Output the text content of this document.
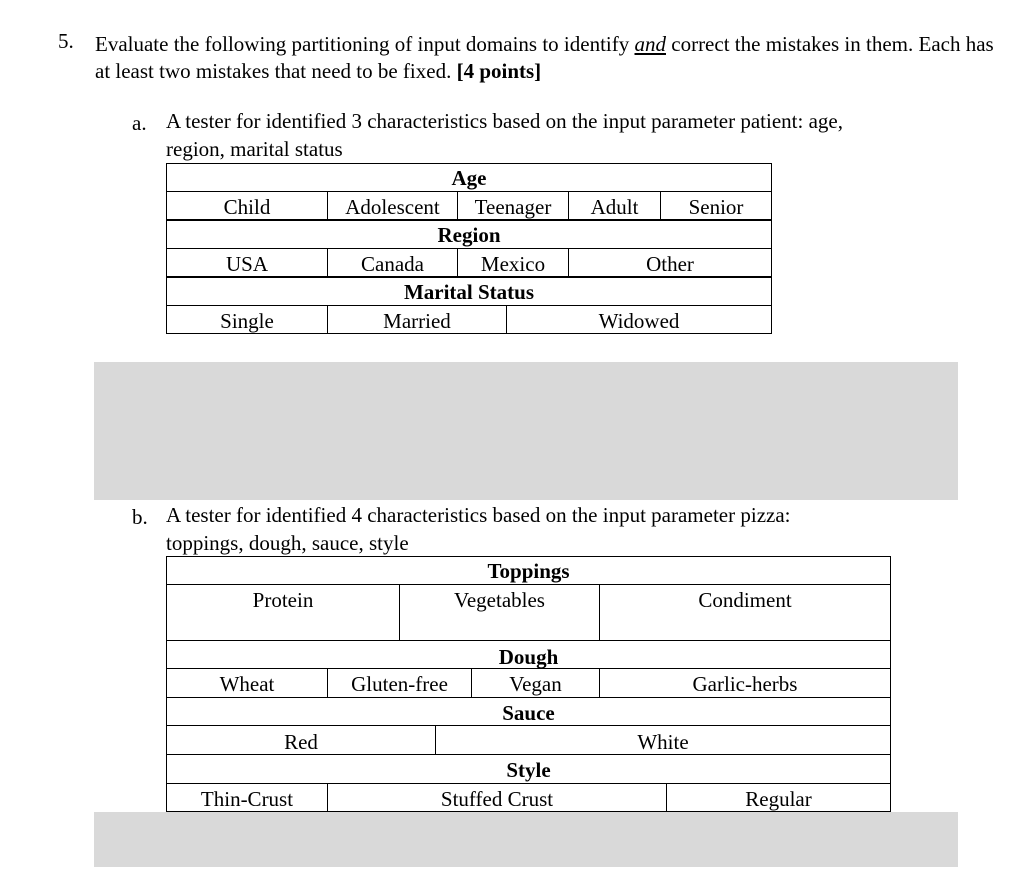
5. Evaluate the following partitioning of input domains to identify and correct the mistakes in them. Each has at least two mistakes that need to be fixed. [4 points]
a. A tester for identified 3 characteristics based on the input parameter patient: age,
region, marital status
Age
Child	Adolescent	Teenager	Adult	Senior
Region
USA	Canada	Mexico	Other
Marital Status
Single	Married	Widowed
b. A tester for identified 4 characteristics based on the input parameter pizza:
toppings, dough, sauce, style
Toppings
Protein	Vegetables	Condiment
Dough
Wheat	Gluten-free	Vegan	Garlic-herbs
Sauce
Red	White
Style
Thin-Crust	Stuffed Crust	Regular
